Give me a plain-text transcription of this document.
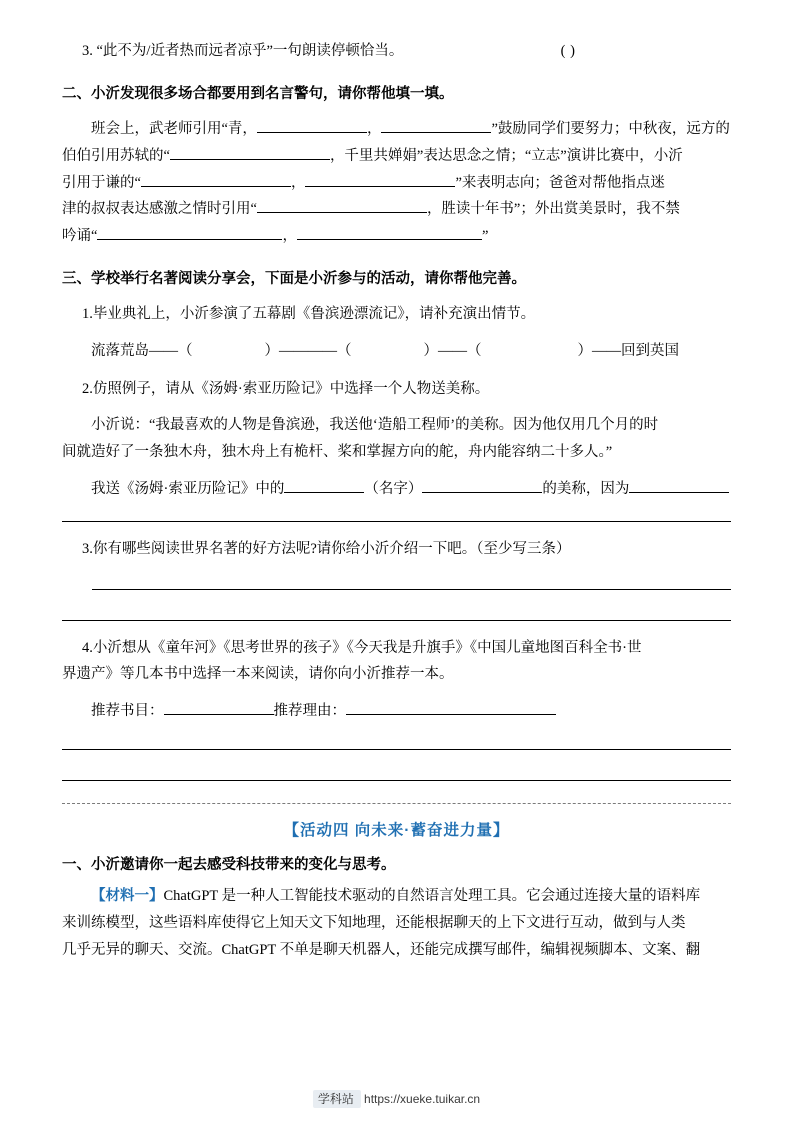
3. “此不为/近者热而远者凉乎”一句朗读停顿恰当。	( )
二、小沂发现很多场合都要用到名言警句，请你帮他填一填。
班会上，武老师引用“青，	，	”鼓励同学们要努力；中秋夜，远方的
伯伯引用苏轼的“	，千里共婵娟”表达思念之情；“立志”演讲比赛中，小沂
引用于谦的“	，	”来表明志向；爸爸对帮他指点迷
津的叔叔表达感激之情时引用“	，胜读十年书”；外出赏美景时，我不禁
吟诵“	，	”
三、学校举行名著阅读分享会，下面是小沂参与的活动，请你帮他完善。
1.毕业典礼上，小沂参演了五幕剧《鲁滨逊漂流记》，请补充演出情节。
流落荒岛——（	）————（	）——（	）——回到英国
2.仿照例子，请从《汤姆·索亚历险记》中选择一个人物送美称。
小沂说：“我最喜欢的人物是鲁滨逊，我送他‘造船工程师’的美称。因为他仅用几个月的时
间就造好了一条独木舟，独木舟上有桅杆、桨和掌握方向的舵，舟内能容纳二十多人。”
我送《汤姆·索亚历险记》中的	（名字）	的美称，因为
3.你有哪些阅读世界名著的好方法呢?请你给小沂介绍一下吧。（至少写三条）
4.小沂想从《童年河》《思考世界的孩子》《今天我是升旗手》《中国儿童地图百科全书·世
界遗产》等几本书中选择一本来阅读，请你向小沂推荐一本。
推荐书目：	推荐理由：
【活动四 向未来·蓄奋进力量】
一、小沂邀请你一起去感受科技带来的变化与思考。
【材料一】ChatGPT 是一种人工智能技术驱动的自然语言处理工具。它会通过连接大量的语料库
来训练模型，这些语料库使得它上知天文下知地理，还能根据聊天的上下文进行互动，做到与人类
几乎无异的聊天、交流。ChatGPT 不单是聊天机器人，还能完成撰写邮件，编辑视频脚本、文案、翻
学科站 https://xueke.tuikar.cn
